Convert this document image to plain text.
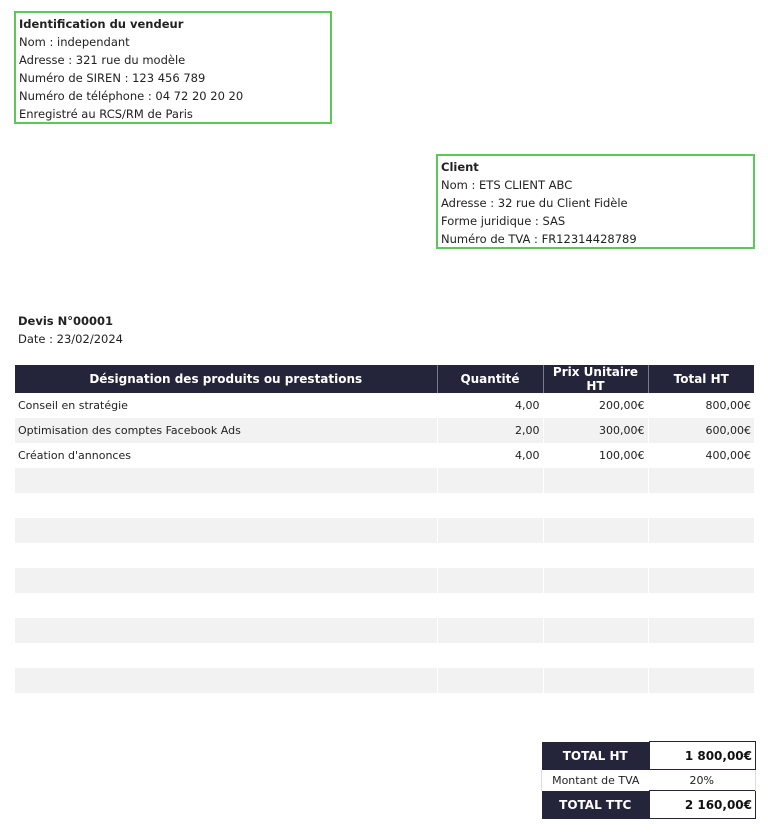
Identification du vendeur
Nom : independant
Adresse : 321 rue du modèle
Numéro de SIREN : 123 456 789
Numéro de téléphone : 04 72 20 20 20
Enregistré au RCS/RM de Paris
Client
Nom : ETS CLIENT ABC
Adresse : 32 rue du Client Fidèle
Forme juridique : SAS
Numéro de TVA : FR12314428789
Devis N°00001
Date : 23/02/2024
Désignation des produits ou prestations	Quantité	Prix Unitaire HT	Total HT
Conseil en stratégie	4,00	200,00€	800,00€
Optimisation des comptes Facebook Ads	2,00	300,00€	600,00€
Création d'annonces	4,00	100,00€	400,00€

TOTAL HT	1 800,00€
Montant de TVA	20%
TOTAL TTC	2 160,00€
